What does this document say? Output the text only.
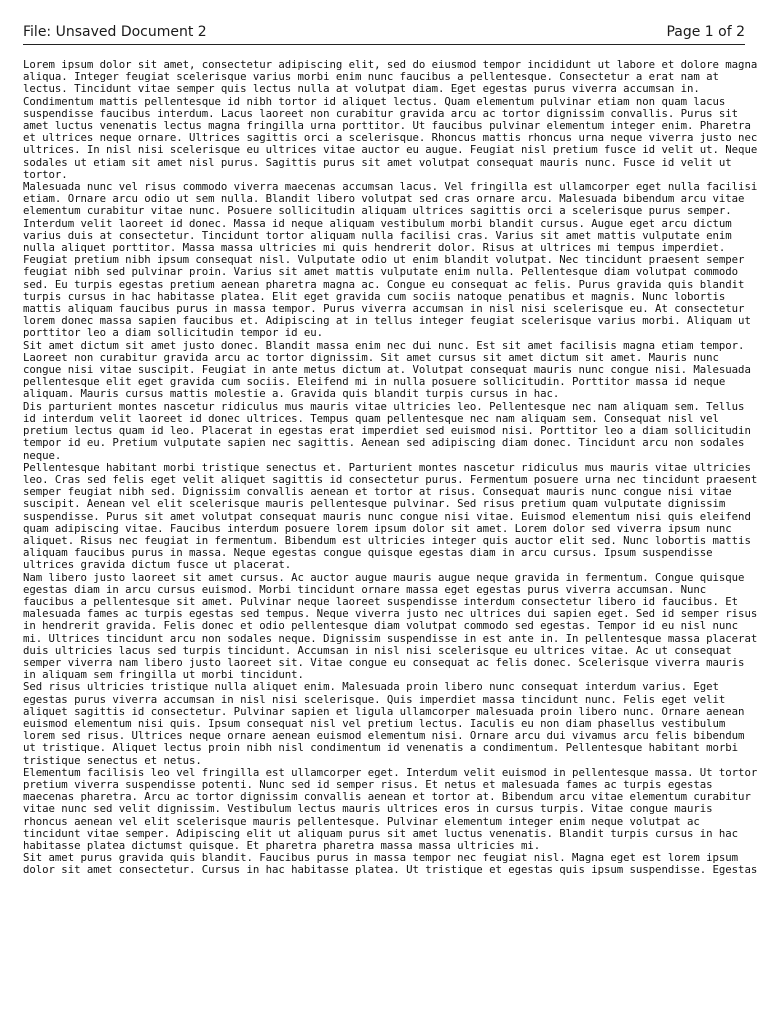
File: Unsaved Document 2	Page 1 of 2

Lorem ipsum dolor sit amet, consectetur adipiscing elit, sed do eiusmod tempor incididunt ut labore et dolore magna aliqua. Integer feugiat scelerisque varius morbi enim nunc faucibus a pellentesque. Consectetur a erat nam at lectus. Tincidunt vitae semper quis lectus nulla at volutpat diam. Eget egestas purus viverra accumsan in. Condimentum mattis pellentesque id nibh tortor id aliquet lectus. Quam elementum pulvinar etiam non quam lacus suspendisse faucibus interdum. Lacus laoreet non curabitur gravida arcu ac tortor dignissim convallis. Purus sit amet luctus venenatis lectus magna fringilla urna porttitor. Ut faucibus pulvinar elementum integer enim. Pharetra et ultrices neque ornare. Ultrices sagittis orci a scelerisque. Rhoncus mattis rhoncus urna neque viverra justo nec ultrices. In nisl nisi scelerisque eu ultrices vitae auctor eu augue. Feugiat nisl pretium fusce id velit ut. Neque sodales ut etiam sit amet nisl purus. Sagittis purus sit amet volutpat consequat mauris nunc. Fusce id velit ut tortor.

Malesuada nunc vel risus commodo viverra maecenas accumsan lacus. Vel fringilla est ullamcorper eget nulla facilisi etiam. Ornare arcu odio ut sem nulla. Blandit libero volutpat sed cras ornare arcu. Malesuada bibendum arcu vitae elementum curabitur vitae nunc. Posuere sollicitudin aliquam ultrices sagittis orci a scelerisque purus semper. Interdum velit laoreet id donec. Massa id neque aliquam vestibulum morbi blandit cursus. Augue eget arcu dictum varius duis at consectetur. Tincidunt tortor aliquam nulla facilisi cras. Varius sit amet mattis vulputate enim nulla aliquet porttitor. Massa massa ultricies mi quis hendrerit dolor. Risus at ultrices mi tempus imperdiet. Feugiat pretium nibh ipsum consequat nisl. Vulputate odio ut enim blandit volutpat. Nec tincidunt praesent semper feugiat nibh sed pulvinar proin. Varius sit amet mattis vulputate enim nulla. Pellentesque diam volutpat commodo sed. Eu turpis egestas pretium aenean pharetra magna ac. Congue eu consequat ac felis. Purus gravida quis blandit turpis cursus in hac habitasse platea. Elit eget gravida cum sociis natoque penatibus et magnis. Nunc lobortis mattis aliquam faucibus purus in massa tempor. Purus viverra accumsan in nisl nisi scelerisque eu. At consectetur lorem donec massa sapien faucibus et. Adipiscing at in tellus integer feugiat scelerisque varius morbi. Aliquam ut porttitor leo a diam sollicitudin tempor id eu.

Sit amet dictum sit amet justo donec. Blandit massa enim nec dui nunc. Est sit amet facilisis magna etiam tempor. Laoreet non curabitur gravida arcu ac tortor dignissim. Sit amet cursus sit amet dictum sit amet. Mauris nunc congue nisi vitae suscipit. Feugiat in ante metus dictum at. Volutpat consequat mauris nunc congue nisi. Malesuada pellentesque elit eget gravida cum sociis. Eleifend mi in nulla posuere sollicitudin. Porttitor massa id neque aliquam. Mauris cursus mattis molestie a. Gravida quis blandit turpis cursus in hac.

Dis parturient montes nascetur ridiculus mus mauris vitae ultricies leo. Pellentesque nec nam aliquam sem. Tellus id interdum velit laoreet id donec ultrices. Tempus quam pellentesque nec nam aliquam sem. Consequat nisl vel pretium lectus quam id leo. Placerat in egestas erat imperdiet sed euismod nisi. Porttitor leo a diam sollicitudin tempor id eu. Pretium vulputate sapien nec sagittis. Aenean sed adipiscing diam donec. Tincidunt arcu non sodales neque.

Pellentesque habitant morbi tristique senectus et. Parturient montes nascetur ridiculus mus mauris vitae ultricies leo. Cras sed felis eget velit aliquet sagittis id consectetur purus. Fermentum posuere urna nec tincidunt praesent semper feugiat nibh sed. Dignissim convallis aenean et tortor at risus. Consequat mauris nunc congue nisi vitae suscipit. Aenean vel elit scelerisque mauris pellentesque pulvinar. Sed risus pretium quam vulputate dignissim suspendisse. Purus sit amet volutpat consequat mauris nunc congue nisi vitae. Euismod elementum nisi quis eleifend quam adipiscing vitae. Faucibus interdum posuere lorem ipsum dolor sit amet. Lorem dolor sed viverra ipsum nunc aliquet. Risus nec feugiat in fermentum. Bibendum est ultricies integer quis auctor elit sed. Nunc lobortis mattis aliquam faucibus purus in massa. Neque egestas congue quisque egestas diam in arcu cursus. Ipsum suspendisse ultrices gravida dictum fusce ut placerat.

Nam libero justo laoreet sit amet cursus. Ac auctor augue mauris augue neque gravida in fermentum. Congue quisque egestas diam in arcu cursus euismod. Morbi tincidunt ornare massa eget egestas purus viverra accumsan. Nunc faucibus a pellentesque sit amet. Pulvinar neque laoreet suspendisse interdum consectetur libero id faucibus. Et malesuada fames ac turpis egestas sed tempus. Neque viverra justo nec ultrices dui sapien eget. Sed id semper risus in hendrerit gravida. Felis donec et odio pellentesque diam volutpat commodo sed egestas. Tempor id eu nisl nunc mi. Ultrices tincidunt arcu non sodales neque. Dignissim suspendisse in est ante in. In pellentesque massa placerat duis ultricies lacus sed turpis tincidunt. Accumsan in nisl nisi scelerisque eu ultrices vitae. Ac ut consequat semper viverra nam libero justo laoreet sit. Vitae congue eu consequat ac felis donec. Scelerisque viverra mauris in aliquam sem fringilla ut morbi tincidunt.

Sed risus ultricies tristique nulla aliquet enim. Malesuada proin libero nunc consequat interdum varius. Eget egestas purus viverra accumsan in nisl nisi scelerisque. Quis imperdiet massa tincidunt nunc. Felis eget velit aliquet sagittis id consectetur. Pulvinar sapien et ligula ullamcorper malesuada proin libero nunc. Ornare aenean euismod elementum nisi quis. Ipsum consequat nisl vel pretium lectus. Iaculis eu non diam phasellus vestibulum lorem sed risus. Ultrices neque ornare aenean euismod elementum nisi. Ornare arcu dui vivamus arcu felis bibendum ut tristique. Aliquet lectus proin nibh nisl condimentum id venenatis a condimentum. Pellentesque habitant morbi tristique senectus et netus.

Elementum facilisis leo vel fringilla est ullamcorper eget. Interdum velit euismod in pellentesque massa. Ut tortor pretium viverra suspendisse potenti. Nunc sed id semper risus. Et netus et malesuada fames ac turpis egestas maecenas pharetra. Arcu ac tortor dignissim convallis aenean et tortor at. Bibendum arcu vitae elementum curabitur vitae nunc sed velit dignissim. Vestibulum lectus mauris ultrices eros in cursus turpis. Vitae congue mauris rhoncus aenean vel elit scelerisque mauris pellentesque. Pulvinar elementum integer enim neque volutpat ac tincidunt vitae semper. Adipiscing elit ut aliquam purus sit amet luctus venenatis. Blandit turpis cursus in hac habitasse platea dictumst quisque. Et pharetra pharetra massa massa ultricies mi.

Sit amet purus gravida quis blandit. Faucibus purus in massa tempor nec feugiat nisl. Magna eget est lorem ipsum dolor sit amet consectetur. Cursus in hac habitasse platea. Ut tristique et egestas quis ipsum suspendisse. Egestas
